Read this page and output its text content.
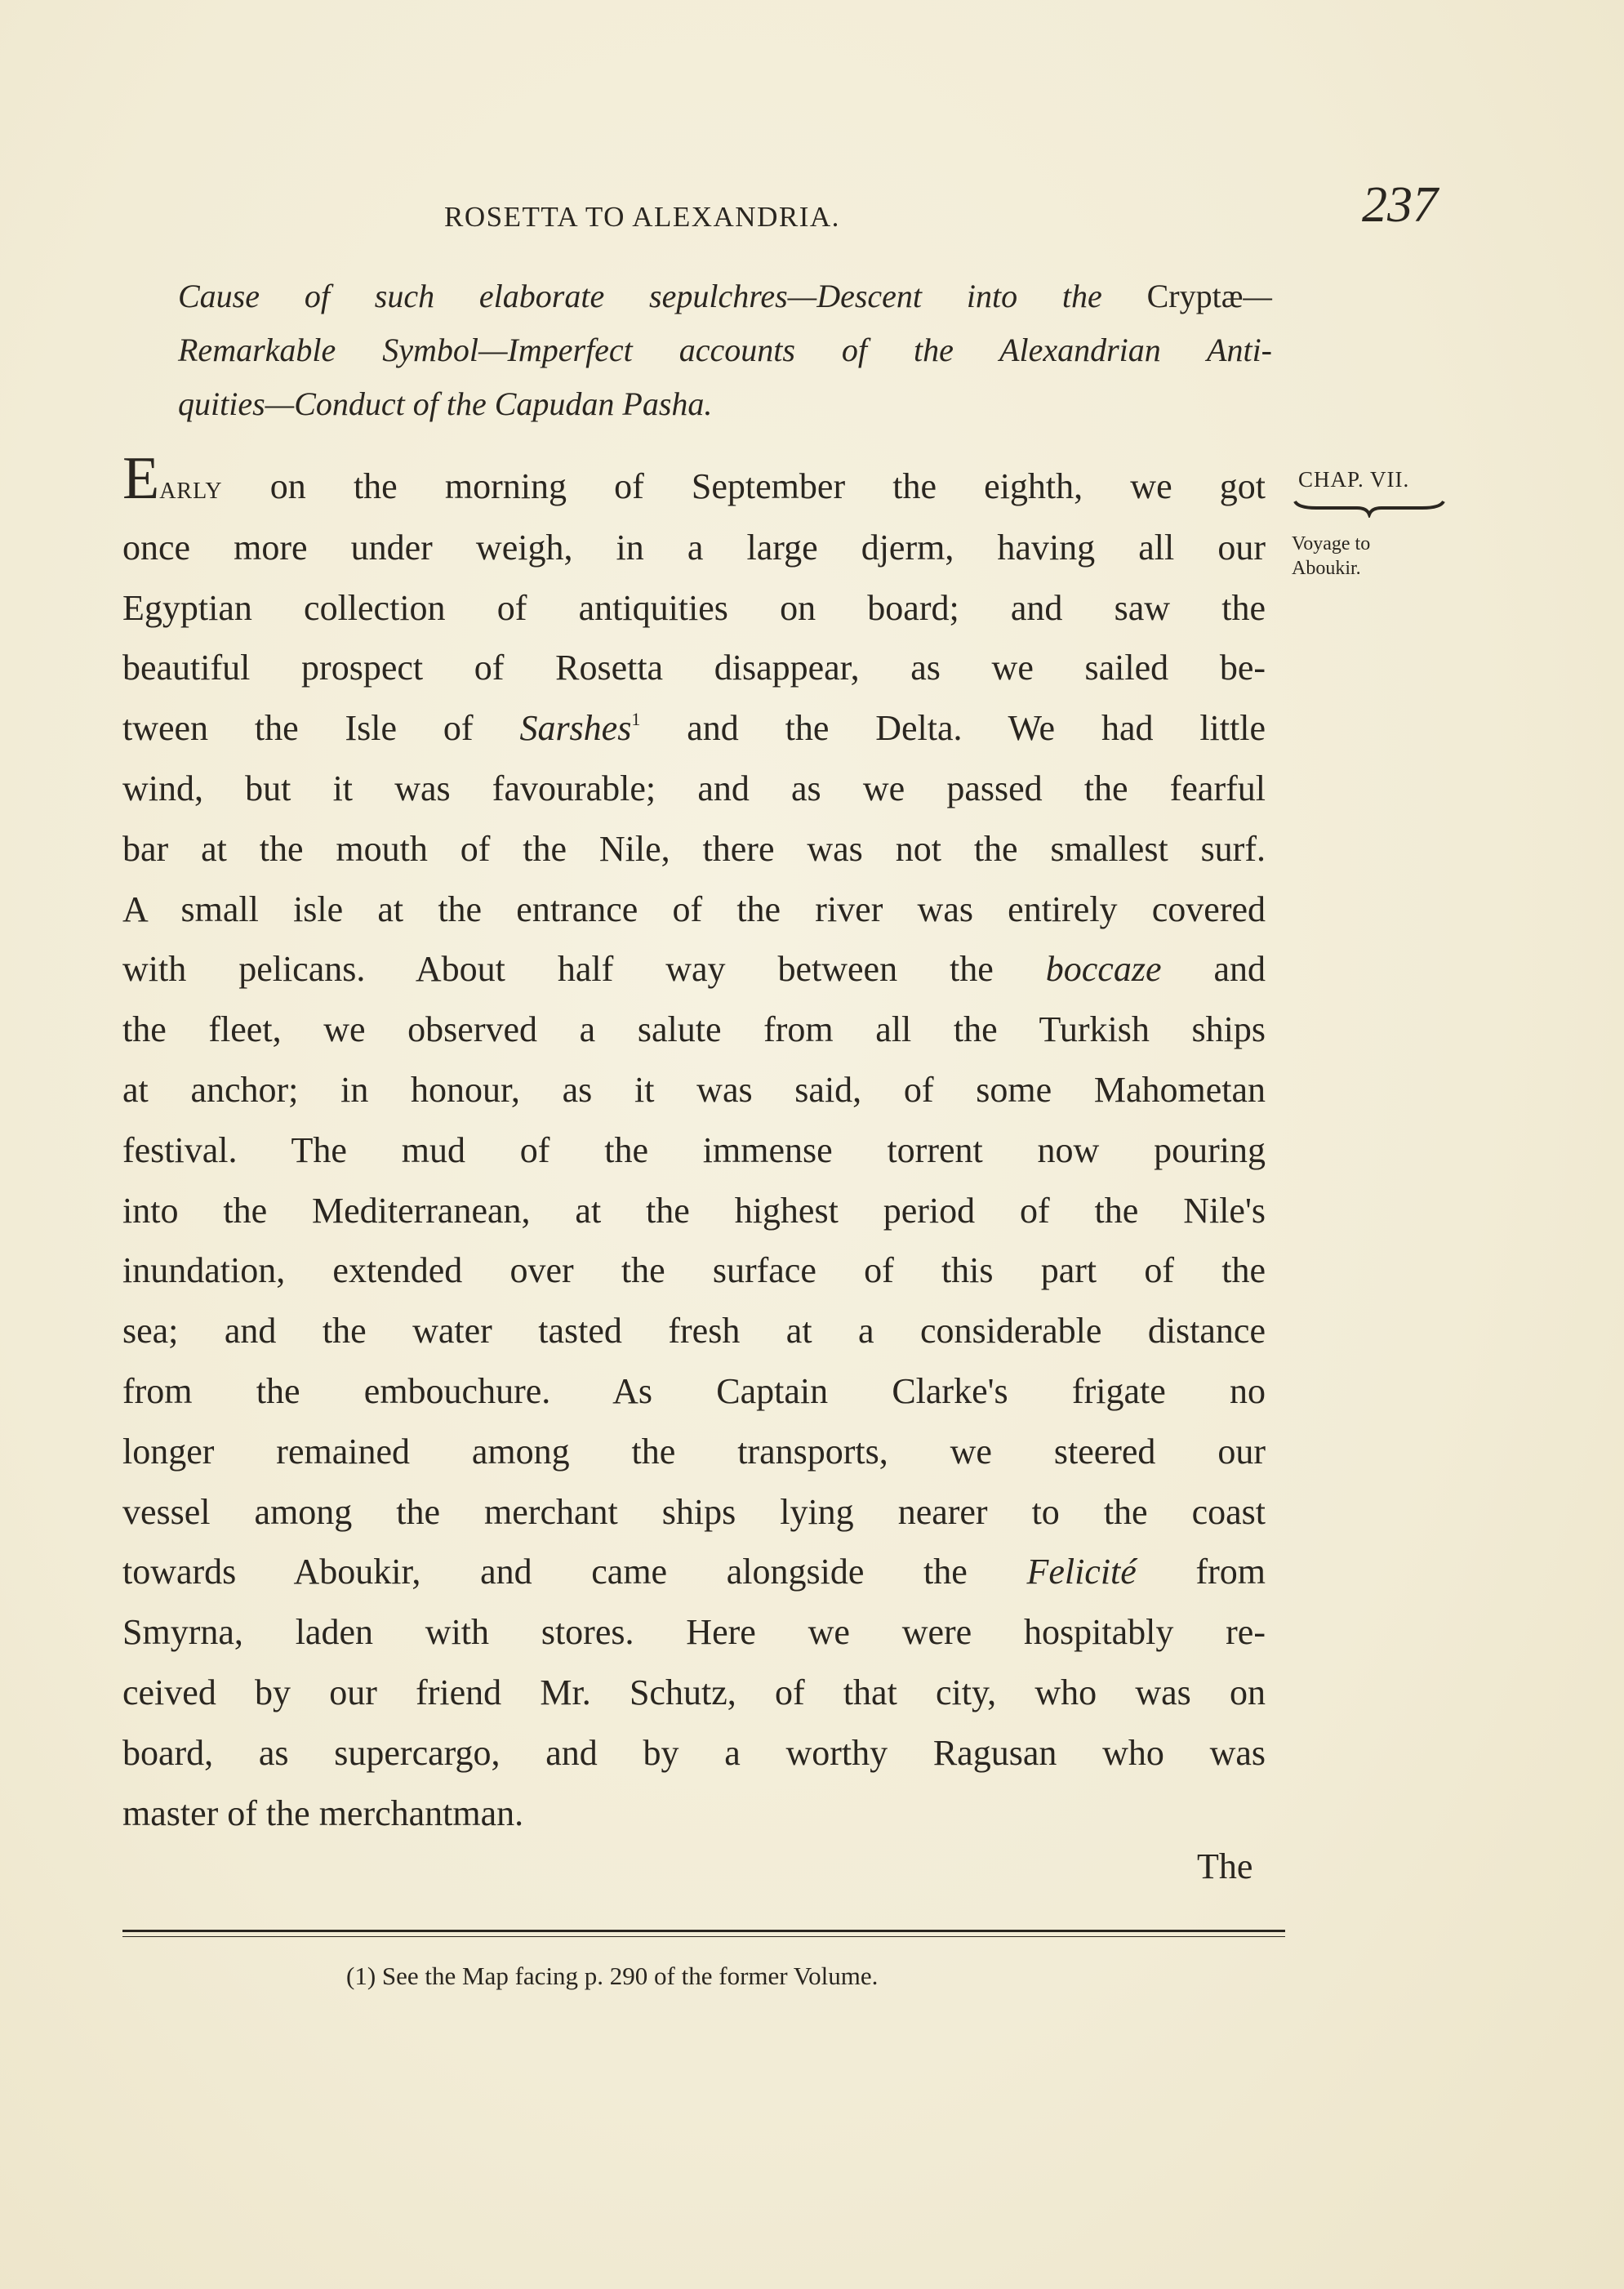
ROSETTA TO ALEXANDRIA.	237
Cause of such elaborate sepulchres—Descent into the Cryptæ—
Remarkable Symbol—Imperfect accounts of the Alexandrian Anti-
quities—Conduct of the Capudan Pasha.
CHAP. VII.
Voyage to
Aboukir.
Early on the morning of September the eighth, we got
once more under weigh, in a large djerm, having all our
Egyptian collection of antiquities on board; and saw the
beautiful prospect of Rosetta disappear, as we sailed be-
tween the Isle of Sarshes$^1$ and the Delta. We had little
wind, but it was favourable; and as we passed the fearful
bar at the mouth of the Nile, there was not the smallest surf.
A small isle at the entrance of the river was entirely covered
with pelicans. About half way between the boccaze and
the fleet, we observed a salute from all the Turkish ships
at anchor; in honour, as it was said, of some Mahometan
festival. The mud of the immense torrent now pouring
into the Mediterranean, at the highest period of the Nile's
inundation, extended over the surface of this part of the
sea; and the water tasted fresh at a considerable distance
from the embouchure. As Captain Clarke's frigate no
longer remained among the transports, we steered our
vessel among the merchant ships lying nearer to the coast
towards Aboukir, and came alongside the Felicité from
Smyrna, laden with stores. Here we were hospitably re-
ceived by our friend Mr. Schutz, of that city, who was on
board, as supercargo, and by a worthy Ragusan who was
master of the merchantman.
The
(1) See the Map facing p. 290 of the former Volume.
